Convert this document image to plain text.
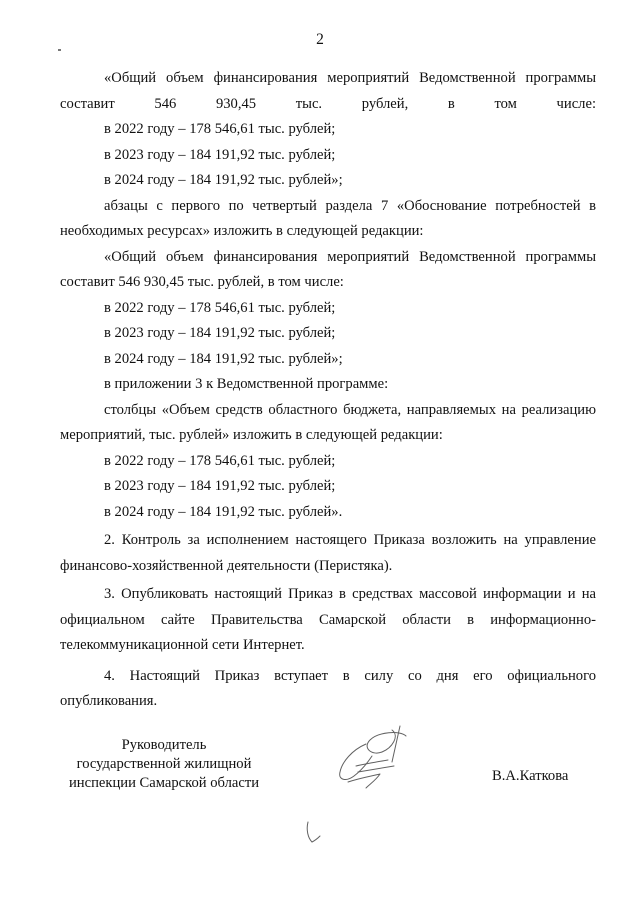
2

«Общий объем финансирования мероприятий Ведомственной программы составит 546 930,45 тыс. рублей, в том числе:

в 2022 году – 178 546,61 тыс. рублей;

в 2023 году – 184 191,92 тыс. рублей;

в 2024 году – 184 191,92 тыс. рублей»;

абзацы с первого по четвертый раздела 7 «Обоснование потребностей в необходимых ресурсах» изложить в следующей редакции:

«Общий объем финансирования мероприятий Ведомственной программы составит 546 930,45 тыс. рублей, в том числе:

в 2022 году – 178 546,61 тыс. рублей;

в 2023 году – 184 191,92 тыс. рублей;

в 2024 году – 184 191,92 тыс. рублей»;

в приложении 3 к Ведомственной программе:

столбцы «Объем средств областного бюджета, направляемых на реализацию мероприятий, тыс. рублей» изложить в следующей редакции:

в 2022 году – 178 546,61 тыс. рублей;

в 2023 году – 184 191,92 тыс. рублей;

в 2024 году – 184 191,92 тыс. рублей».

2. Контроль за исполнением настоящего Приказа возложить на управление финансово-хозяйственной деятельности (Перистяка).

3. Опубликовать настоящий Приказ в средствах массовой информации и на официальном сайте Правительства Самарской области в информационно-телекоммуникационной сети Интернет.

4. Настоящий Приказ вступает в силу со дня его официального опубликования.

Руководитель
государственной жилищной
инспекции Самарской области	В.А.Каткова
